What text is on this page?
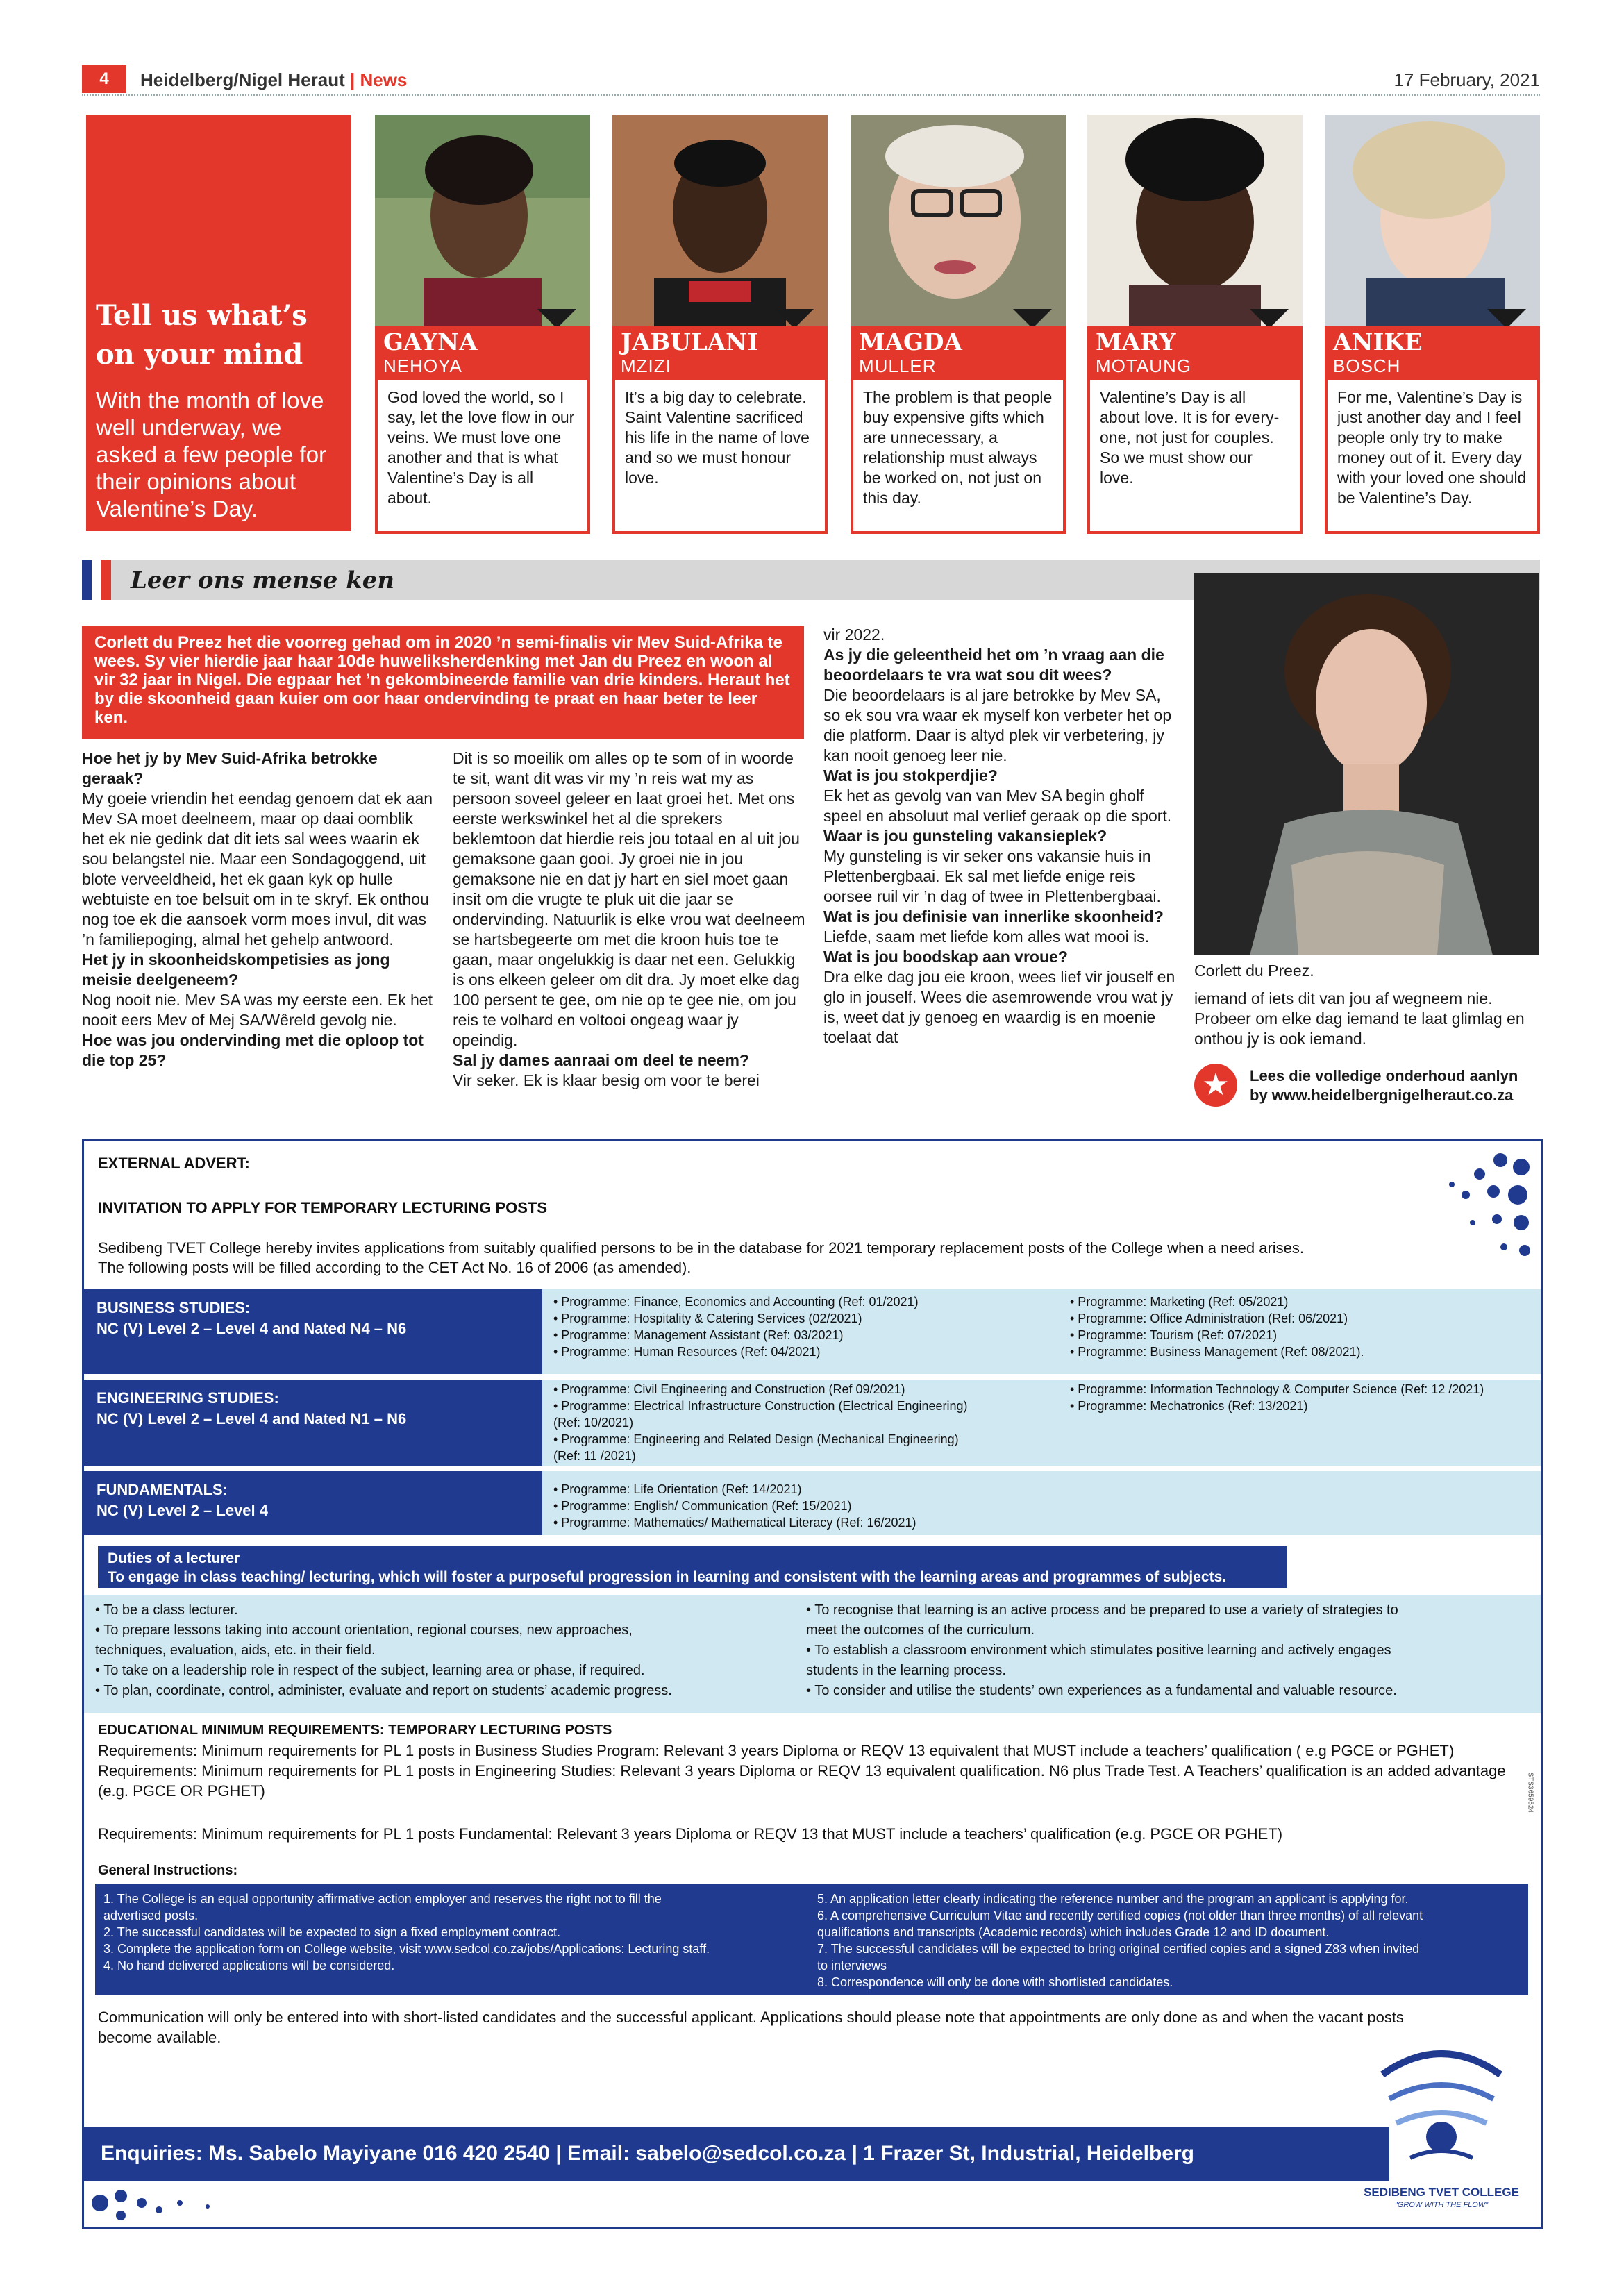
4	Heidelberg/Nigel Heraut | News	17 February, 2021
Tell us what’s
on your mind
With the month of love well underway, we asked a few people for their opinions about Valentine’s Day.
GAYNA
NEHOYA
God loved the world, so I say, let the love flow in our veins. We must love one another and that is what Valentine’s Day is all about.
JABULANI
MZIZI
It’s a big day to celebrate. Saint Valentine sacrificed his life in the name of love and so we must honour love.
MAGDA
MULLER
The problem is that people buy expensive gifts which are unnecessary, a relationship must always be worked on, not just on this day.
MARY
MOTAUNG
Valentine’s Day is all about love. It is for every-one, not just for couples. So we must show our love.
ANIKE
BOSCH
For me, Valentine’s Day is just another day and I feel people only try to make money out of it. Every day with your loved one should be Valentine’s Day.
Leer ons mense ken
Corlett du Preez het die voorreg gehad om in 2020 ’n semi-finalis vir Mev Suid-Afrika te wees. Sy vier hierdie jaar haar 10de huweliksherdenking met Jan du Preez en woon al vir 32 jaar in Nigel. Die egpaar het ’n gekombineerde familie van drie kinders. Heraut het by die skoonheid gaan kuier om oor haar ondervinding te praat en haar beter te leer ken.

Hoe het jy by Mev Suid-Afrika betrokke geraak?

My goeie vriendin het eendag genoem dat ek aan Mev SA moet deelneem, maar op daai oomblik het ek nie gedink dat dit iets sal wees waarin ek sou belangstel nie. Maar een Sondagoggend, uit blote verveeldheid, het ek gaan kyk op hulle webtuiste en toe belsuit om in te skryf. Ek onthou nog toe ek die aansoek vorm moes invul, dit was ’n familiepoging, almal het gehelp antwoord.

Het jy in skoonheidskompetisies as jong meisie deelgeneem?

Nog nooit nie. Mev SA was my eerste een. Ek het nooit eers Mev of Mej SA/Wêreld gevolg nie.

Hoe was jou ondervinding met die oploop tot die top 25?

Dit is so moeilik om alles op te som of in woorde te sit, want dit was vir my ’n reis wat my as persoon soveel geleer en laat groei het. Met ons eerste werkswinkel het al die sprekers beklemtoon dat hierdie reis jou totaal en al uit jou gemaksone gaan gooi. Jy groei nie in jou gemaksone nie en dat jy hart en siel moet gaan insit om die vrugte te pluk uit die jaar se ondervinding. Natuurlik is elke vrou wat deelneem se hartsbegeerte om met die kroon huis toe te gaan, maar ongelukkig is daar net een. Gelukkig is ons elkeen geleer om dit dra. Jy moet elke dag 100 persent te gee, om nie op te gee nie, om jou reis te volhard en voltooi ongeag waar jy opeindig.

Sal jy dames aanraai om deel te neem?

Vir seker. Ek is klaar besig om voor te berei

vir 2022.

As jy die geleentheid het om ’n vraag aan die beoordelaars te vra wat sou dit wees?

Die beoordelaars is al jare betrokke by Mev SA, so ek sou vra waar ek myself kon verbeter het op die platform. Daar is altyd plek vir verbetering, jy kan nooit genoeg leer nie.

Wat is jou stokperdjie?

Ek het as gevolg van van Mev SA begin gholf speel en absoluut mal verlief geraak op die sport.

Waar is jou gunsteling vakansieplek?

My gunsteling is vir seker ons vakansie huis in Plettenbergbaai. Ek sal met liefde enige reis oorsee ruil vir ’n dag of twee in Plettenbergbaai.

Wat is jou definisie van innerlike skoonheid?

Liefde, saam met liefde kom alles wat mooi is.

Wat is jou boodskap aan vroue?

Dra elke dag jou eie kroon, wees lief vir jouself en glo in jouself. Wees die asemrowende vrou wat jy is, weet dat jy genoeg en waardig is en moenie toelaat dat

Corlett du Preez.
iemand of iets dit van jou af wegneem nie. Probeer om elke dag iemand te laat glimlag en onthou jy is ook iemand.
★	Lees die volledige onderhoud aanlyn
by www.heidelbergnigelheraut.co.za
EXTERNAL ADVERT:
INVITATION TO APPLY FOR TEMPORARY LECTURING POSTS
Sedibeng TVET College hereby invites applications from suitably qualified persons to be in the database for 2021 temporary replacement posts of the College when a need arises.
The following posts will be filled according to the CET Act No. 16 of 2006 (as amended).
BUSINESS STUDIES:
NC (V) Level 2 – Level 4 and Nated N4 – N6
• Programme: Finance, Economics and Accounting (Ref: 01/2021)
• Programme: Hospitality & Catering Services (02/2021)
• Programme: Management Assistant (Ref: 03/2021)
• Programme: Human Resources (Ref: 04/2021)
• Programme: Marketing (Ref: 05/2021)
• Programme: Office Administration (Ref: 06/2021)
• Programme: Tourism (Ref: 07/2021)
• Programme: Business Management (Ref: 08/2021).
ENGINEERING STUDIES:
NC (V) Level 2 – Level 4 and Nated N1 – N6
• Programme: Civil Engineering and Construction (Ref 09/2021)
• Programme: Electrical Infrastructure Construction (Electrical Engineering)
(Ref: 10/2021)
• Programme: Engineering and Related Design (Mechanical Engineering)
(Ref: 11 /2021)
• Programme: Information Technology & Computer Science (Ref: 12 /2021)
• Programme: Mechatronics (Ref: 13/2021)
FUNDAMENTALS:
NC (V) Level 2 – Level 4
• Programme: Life Orientation (Ref: 14/2021)
• Programme: English/ Communication (Ref: 15/2021)
• Programme: Mathematics/ Mathematical Literacy (Ref: 16/2021)
Duties of a lecturer
To engage in class teaching/ lecturing, which will foster a purposeful progression in learning and consistent with the learning areas and programmes of subjects.
• To be a class lecturer.
• To prepare lessons taking into account orientation, regional courses, new approaches,
techniques, evaluation, aids, etc. in their field.
• To take on a leadership role in respect of the subject, learning area or phase, if required.
• To plan, coordinate, control, administer, evaluate and report on students’ academic progress.
• To recognise that learning is an active process and be prepared to use a variety of strategies to
meet the outcomes of the curriculum.
• To establish a classroom environment which stimulates positive learning and actively engages
students in the learning process.
• To consider and utilise the students’ own experiences as a fundamental and valuable resource.
EDUCATIONAL MINIMUM REQUIREMENTS: TEMPORARY LECTURING POSTS
Requirements: Minimum requirements for PL 1 posts in Business Studies Program: Relevant 3 years Diploma or REQV 13 equivalent that MUST include a teachers’ qualification ( e.g PGCE or PGHET)
Requirements: Minimum requirements for PL 1 posts in Engineering Studies: Relevant 3 years Diploma or REQV 13 equivalent qualification. N6 plus Trade Test. A Teachers’ qualification is an added advantage (e.g. PGCE OR PGHET)
Requirements: Minimum requirements for PL 1 posts Fundamental: Relevant 3 years Diploma or REQV 13 that MUST include a teachers’ qualification (e.g. PGCE OR PGHET)
STS3659524
General Instructions:
1. The College is an equal opportunity affirmative action employer and reserves the right not to fill the
advertised posts.
2. The successful candidates will be expected to sign a fixed employment contract.
3. Complete the application form on College website, visit www.sedcol.co.za/jobs/Applications: Lecturing staff.
4. No hand delivered applications will be considered.
5. An application letter clearly indicating the reference number and the program an applicant is applying for.
6. A comprehensive Curriculum Vitae and recently certified copies (not older than three months) of all relevant
qualifications and transcripts (Academic records) which includes Grade 12 and ID document.
7. The successful candidates will be expected to bring original certified copies and a signed Z83 when invited
to interviews
8. Correspondence will only be done with shortlisted candidates.
Communication will only be entered into with short-listed candidates and the successful applicant. Applications should please note that appointments are only done as and when the vacant posts become available.
Enquiries: Ms. Sabelo Mayiyane 016 420 2540 | Email: sabelo@sedcol.co.za | 1 Frazer St, Industrial, Heidelberg
SEDIBENG TVET COLLEGE
"GROW WITH THE FLOW"
